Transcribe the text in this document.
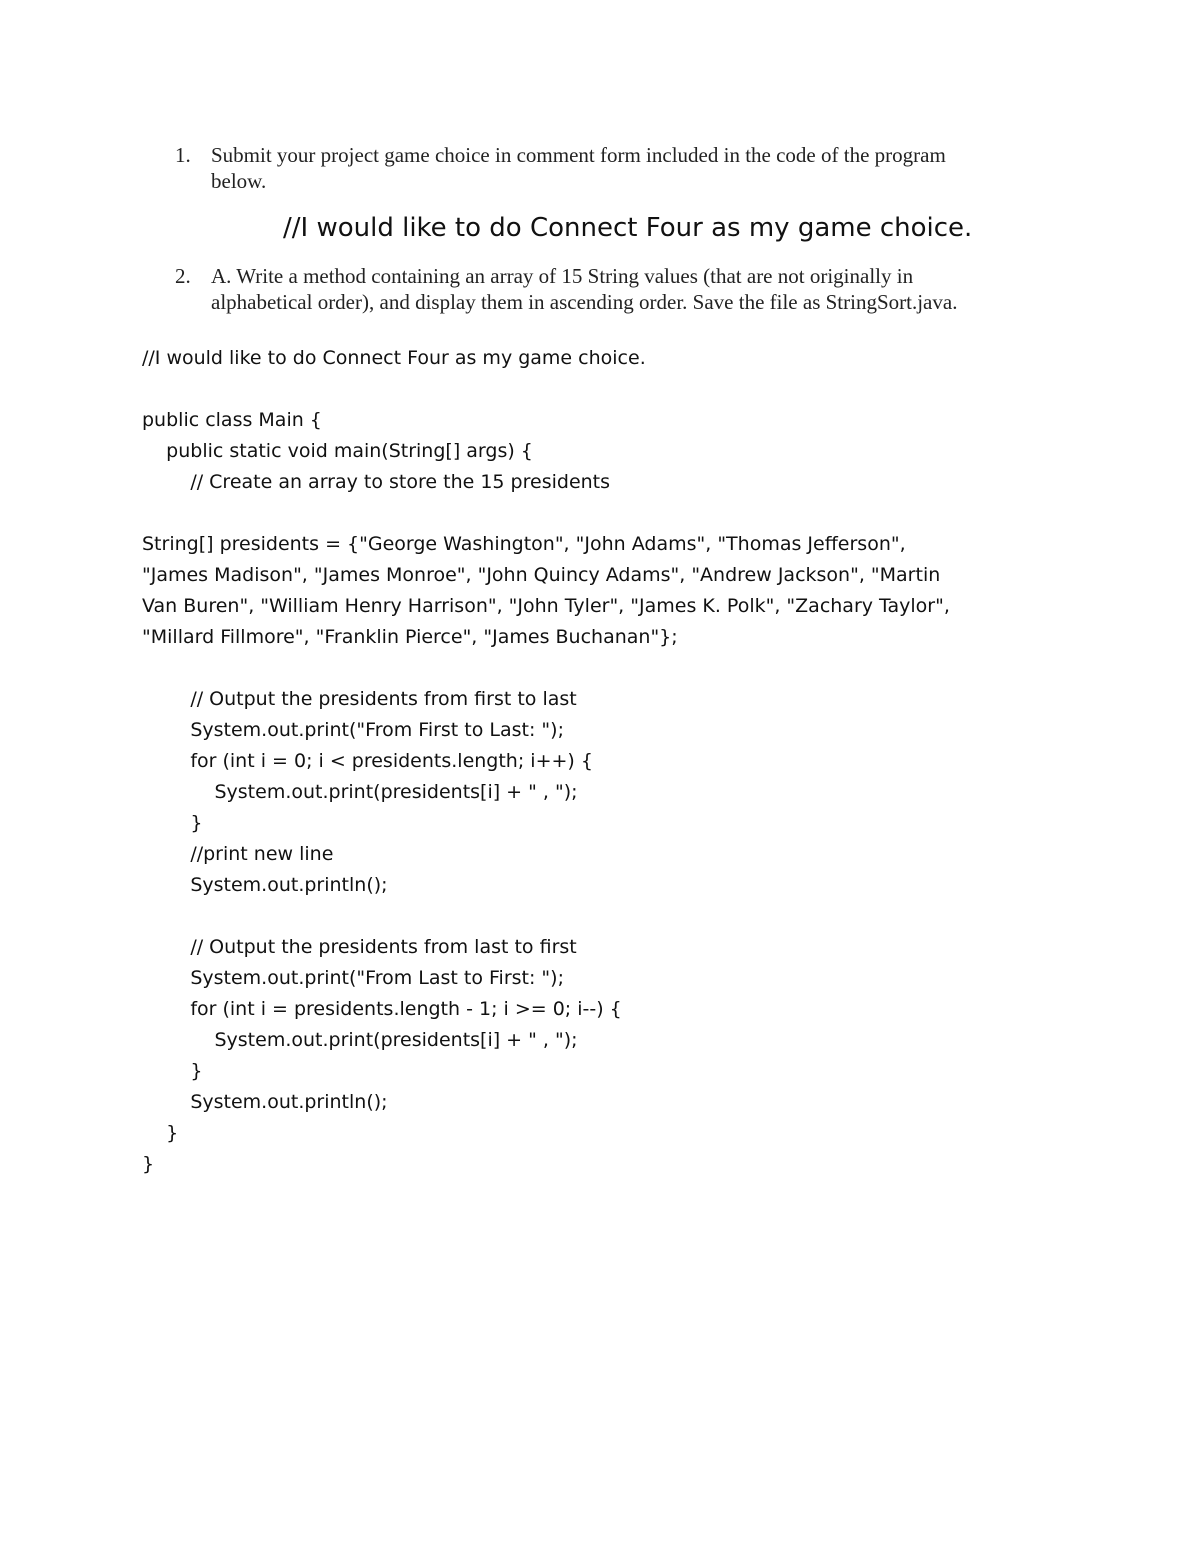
1. Submit your project game choice in comment form included in the code of the program
below.
//I would like to do Connect Four as my game choice.
2. A. Write a method containing an array of 15 String values (that are not originally in
alphabetical order), and display them in ascending order. Save the file as StringSort.java.
//I would like to do Connect Four as my game choice.
public class Main {
public static void main(String[] args) {
// Create an array to store the 15 presidents
String[] presidents = {"George Washington", "John Adams", "Thomas Jefferson",
"James Madison", "James Monroe", "John Quincy Adams", "Andrew Jackson", "Martin
Van Buren", "William Henry Harrison", "John Tyler", "James K. Polk", "Zachary Taylor",
"Millard Fillmore", "Franklin Pierce", "James Buchanan"};
// Output the presidents from first to last
System.out.print("From First to Last: ");
for (int i = 0; i < presidents.length; i++) {
System.out.print(presidents[i] + " , ");
}
//print new line
System.out.println();
// Output the presidents from last to first
System.out.print("From Last to First: ");
for (int i = presidents.length - 1; i >= 0; i--) {
System.out.print(presidents[i] + " , ");
}
System.out.println();
}
}
